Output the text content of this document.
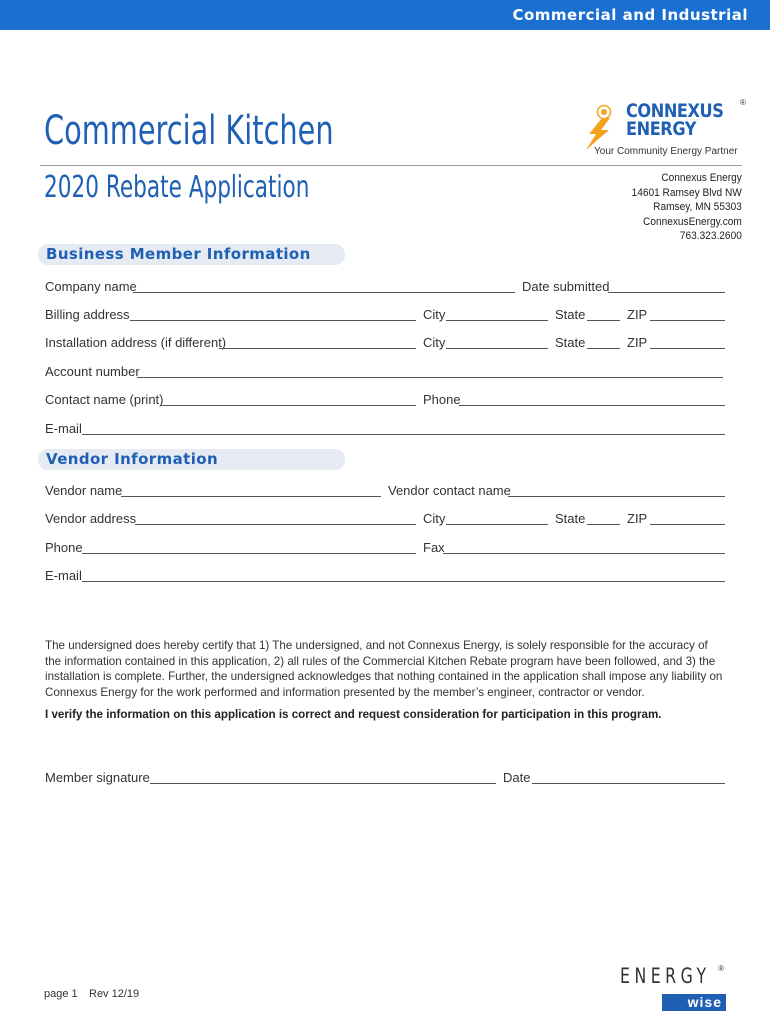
Commercial and Industrial
Commercial Kitchen
2020 Rebate Application
CONNEXUS ®
ENERGY
Your Community Energy Partner
Connexus Energy
14601 Ramsey Blvd NW
Ramsey, MN 55303
ConnexusEnergy.com
763.323.2600
Business Member Information
Company name	Date submitted
Billing address	City	State	ZIP
Installation address (if different)	City	State	ZIP
Account number
Contact name (print)	Phone
E-mail
Vendor Information
Vendor name	Vendor contact name
Vendor address	City	State	ZIP
Phone	Fax
E-mail
The undersigned does hereby certify that 1) The undersigned, and not Connexus Energy, is solely responsible for the accuracy of the information contained in this application, 2) all rules of the Commercial Kitchen Rebate program have been followed, and 3) the installation is complete. Further, the undersigned acknowledges that nothing contained in the application shall impose any liability on Connexus Energy for the work performed and information presented by the member’s engineer, contractor or vendor.
I verify the information on this application is correct and request consideration for participation in this program.
Member signature	Date
page 1 Rev 12/19
ENERGY ®
wise
